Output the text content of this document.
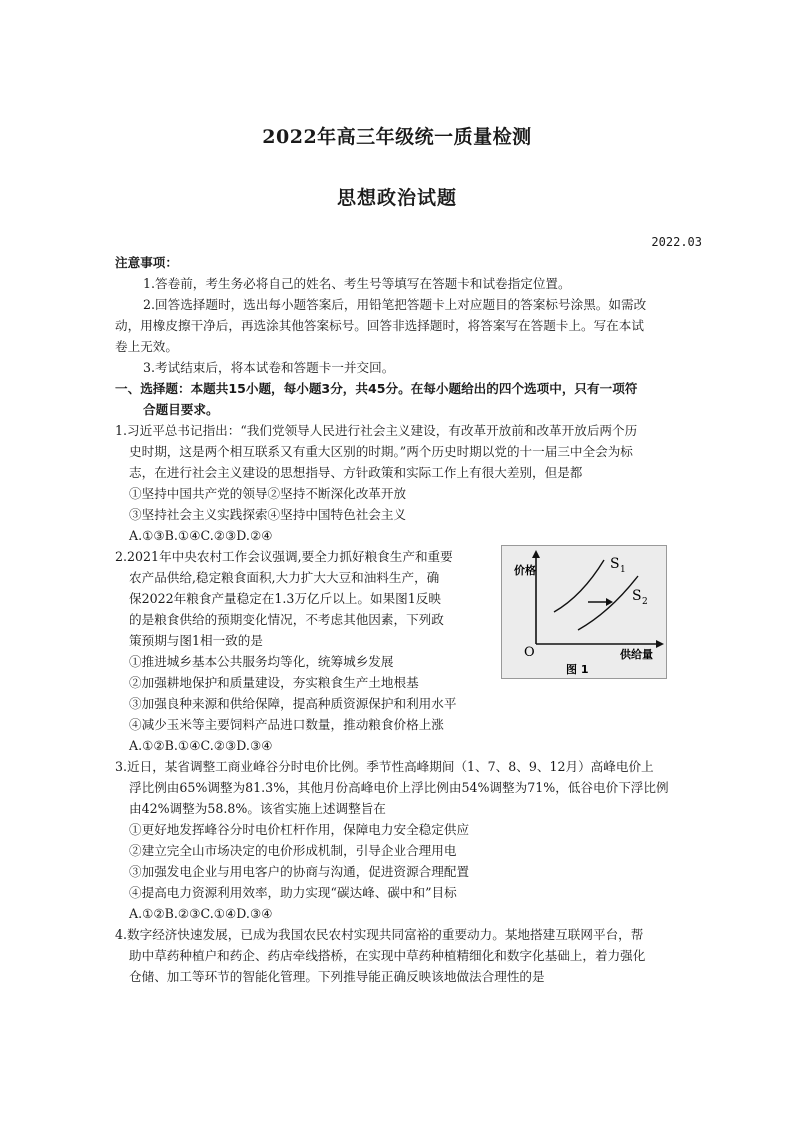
2022年高三年级统一质量检测
思想政治试题
2022.03
注意事项：
1.答卷前，考生务必将自己的姓名、考生号等填写在答题卡和试卷指定位置。
2.回答选择题时，选出每小题答案后，用铅笔把答题卡上对应题目的答案标号涂黑。如需改
动，用橡皮擦干净后，再选涂其他答案标号。回答非选择题时，将答案写在答题卡上。写在本试
卷上无效。
3.考试结束后，将本试卷和答题卡一并交回。
一、选择题：本题共15小题，每小题3分，共45分。在每小题给出的四个选项中，只有一项符
合题目要求。
1.习近平总书记指出：“我们党领导人民进行社会主义建设，有改革开放前和改革开放后两个历
史时期，这是两个相互联系又有重大区别的时期。”两个历史时期以党的十一届三中全会为标
志，在进行社会主义建设的思想指导、方针政策和实际工作上有很大差别，但是都
①坚持中国共产党的领导②坚持不断深化改革开放
③坚持社会主义实践探索④坚持中国特色社会主义
A.①③B.①④C.②③D.②④
2.2021年中央农村工作会议强调,要全力抓好粮食生产和重要
农产品供给,稳定粮食面积,大力扩大大豆和油料生产，确
保2022年粮食产量稳定在1.3万亿斤以上。如果图1反映
的是粮食供给的预期变化情况，不考虑其他因素，下列政
策预期与图1相一致的是
①推进城乡基本公共服务均等化，统筹城乡发展
②加强耕地保护和质量建设，夯实粮食生产土地根基
③加强良种来源和供给保障，提高种质资源保护和利用水平
④减少玉米等主要饲料产品进口数量，推动粮食价格上涨
A.①②B.①④C.②③D.③④
3.近日，某省调整工商业峰谷分时电价比例。季节性高峰期间（1、7、8、9、12月）高峰电价上
浮比例由65%调整为81.3%，其他月份高峰电价上浮比例由54%调整为71%，低谷电价下浮比例
由42%调整为58.8%。该省实施上述调整旨在
①更好地发挥峰谷分时电价杠杆作用，保障电力安全稳定供应
②建立完全山市场决定的电价形成机制，引导企业合理用电
③加强发电企业与用电客户的协商与沟通，促进资源合理配置
④提高电力资源利用效率，助力实现“碳达峰、碳中和”目标
A.①②B.②③C.①④D.③④
4.数字经济快速发展，已成为我国农民农村实现共同富裕的重要动力。某地搭建互联网平台，帮
助中草药种植户和药企、药店牵线搭桥，在实现中草药种植精细化和数字化基础上，着力强化
仓储、加工等环节的智能化管理。下列推导能正确反映该地做法合理性的是
价格	S 1
S 2
O	供给量
图 1
